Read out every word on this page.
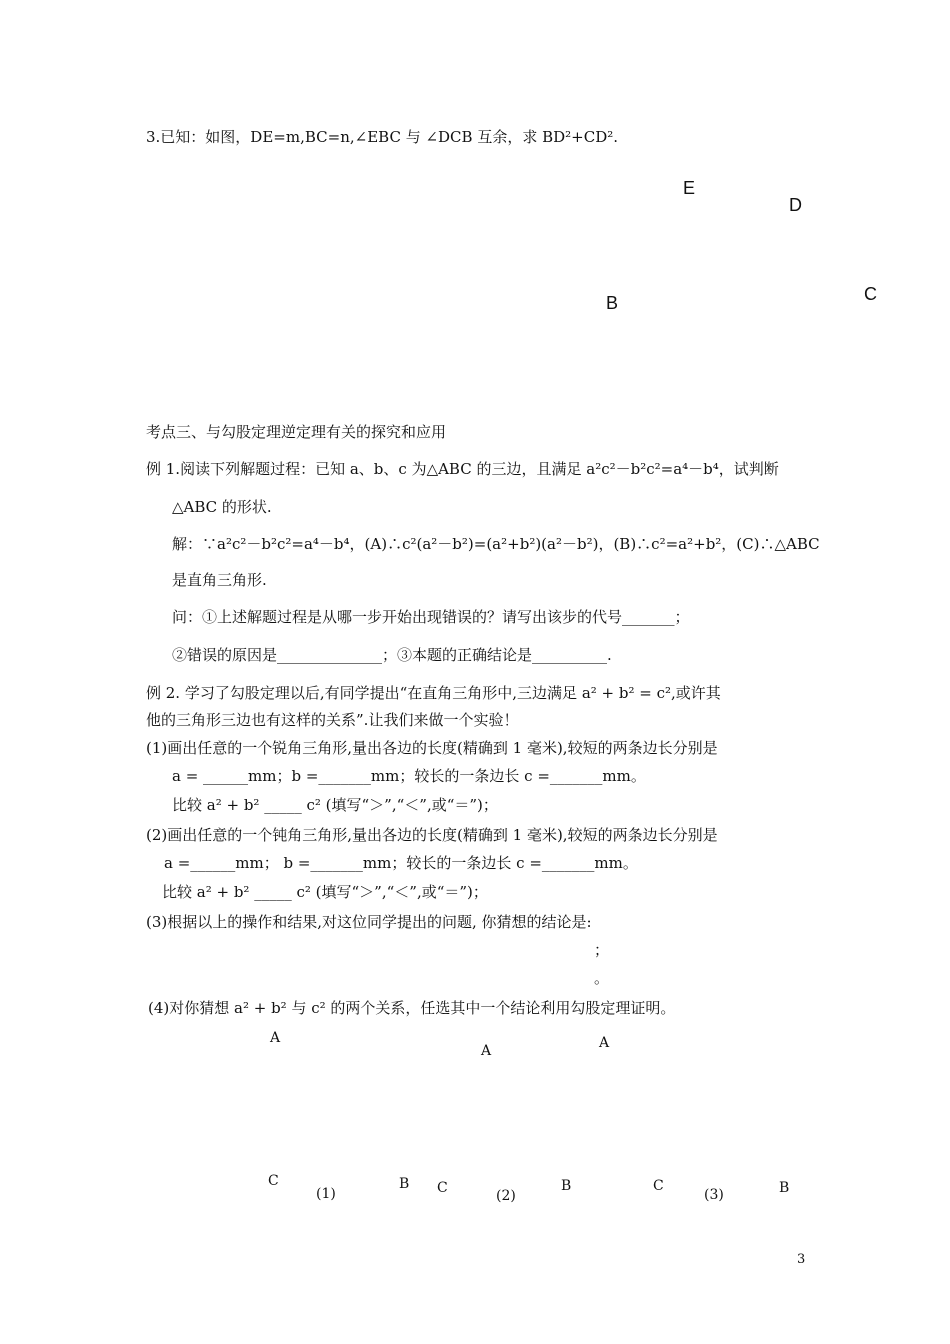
3.已知：如图，DE=m,BC=n,∠EBC 与 ∠DCB 互余，求 BD²+CD².
E
D
B	C
考点三、与勾股定理逆定理有关的探究和应用
例 1.阅读下列解题过程：已知 a、b、c 为△ABC 的三边，且满足 a²c²－b²c²=a⁴－b⁴，试判断
△ABC 的形状.
解：∵a²c²－b²c²=a⁴－b⁴，(A)∴c²(a²－b²)=(a²+b²)(a²－b²)，(B)∴c²=a²+b²，(C)∴△ABC
是直角三角形.
问：①上述解题过程是从哪一步开始出现错误的？请写出该步的代号_______；
②错误的原因是______________；③本题的正确结论是__________.
例 2. 学习了勾股定理以后,有同学提出“在直角三角形中,三边满足 a² + b² = c²,或许其
他的三角形三边也有这样的关系”.让我们来做一个实验！
(1)画出任意的一个锐角三角形,量出各边的长度(精确到 1 毫米),较短的两条边长分别是
a = ______mm；b =_______mm；较长的一条边长 c =_______mm。
比较 a² + b² _____ c² (填写“＞”,“＜”,或“＝”)；
(2)画出任意的一个钝角三角形,量出各边的长度(精确到 1 毫米),较短的两条边长分别是
a =______mm； b =_______mm；较长的一条边长 c =_______mm。
比较 a² + b² _____ c² (填写“＞”,“＜”,或“＝”)；
(3)根据以上的操作和结果,对这位同学提出的问题, 你猜想的结论是:
；
。
(4)对你猜想 a² + b² 与 c² 的两个关系，任选其中一个结论利用勾股定理证明。
A
C
(1)
B
A
C	(2)
B
A
C
(3)	B
3
